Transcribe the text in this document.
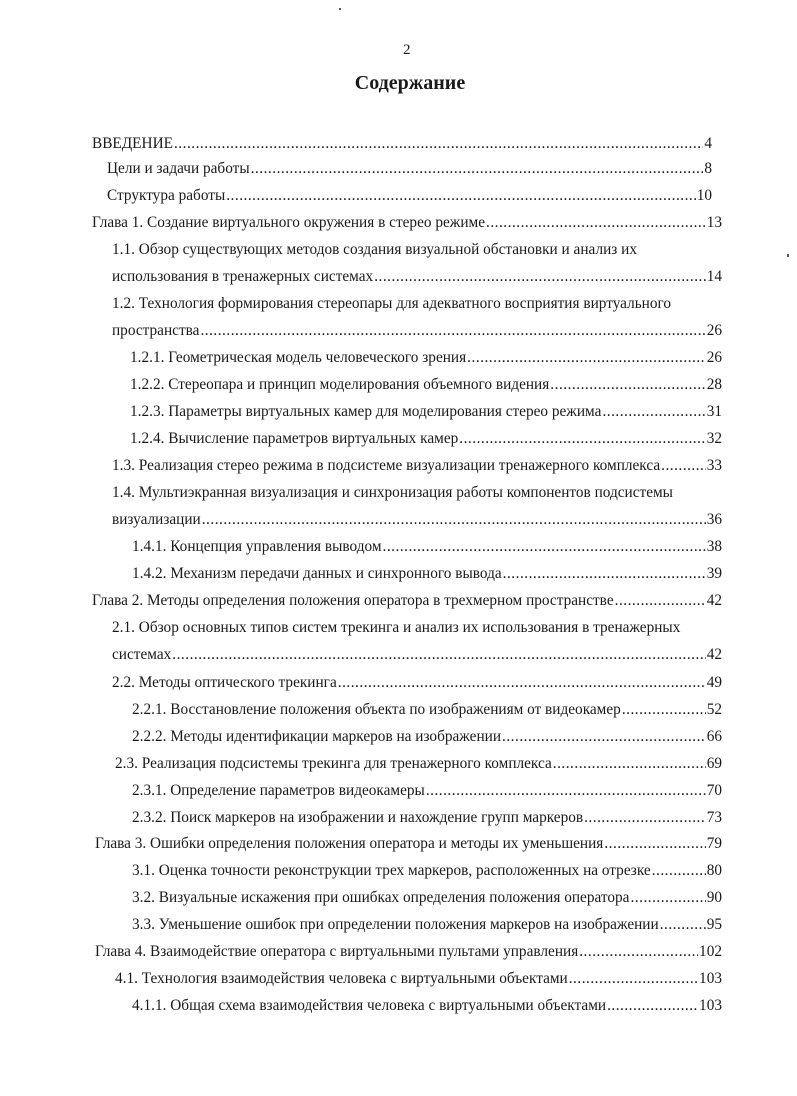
2
Содержание
ВВЕДЕНИЕ .....	4
Цели и задачи работы .....	8
Структура работы .....	10
Глава 1. Создание виртуального окружения в стерео режиме .....	13
1.1. Обзор существующих методов создания визуальной обстановки и анализ их
использования в тренажерных системах .....	14
1.2. Технология формирования стереопары для адекватного восприятия виртуального
пространства .....	26
1.2.1. Геометрическая модель человеческого зрения .....	26
1.2.2. Стереопара и принцип моделирования объемного видения .....	28
1.2.3. Параметры виртуальных камер для моделирования стерео режима .....	31
1.2.4. Вычисление параметров виртуальных камер .....	32
1.3. Реализация стерео режима в подсистеме визуализации тренажерного комплекса .....	33
1.4. Мультиэкранная визуализация и синхронизация работы компонентов подсистемы
визуализации .....	36
1.4.1. Концепция управления выводом .....	38
1.4.2. Механизм передачи данных и синхронного вывода .....	39
Глава 2. Методы определения положения оператора в трехмерном пространстве .....	42
2.1. Обзор основных типов систем трекинга и анализ их использования в тренажерных
системах .....	42
2.2. Методы оптического трекинга .....	49
2.2.1. Восстановление положения объекта по изображениям от видеокамер .....	52
2.2.2. Методы идентификации маркеров на изображении .....	66
2.3. Реализация подсистемы трекинга для тренажерного комплекса .....	69
2.3.1. Определение параметров видеокамеры .....	70
2.3.2. Поиск маркеров на изображении и нахождение групп маркеров .....	73
Глава 3. Ошибки определения положения оператора и методы их уменьшения .....	79
3.1. Оценка точности реконструкции трех маркеров, расположенных на отрезке .....	80
3.2. Визуальные искажения при ошибках определения положения оператора .....	90
3.3. Уменьшение ошибок при определении положения маркеров на изображении .....	95
Глава 4. Взаимодействие оператора с виртуальными пультами управления .....	102
4.1. Технология взаимодействия человека с виртуальными объектами .....	103
4.1.1. Общая схема взаимодействия человека с виртуальными объектами .....	103
